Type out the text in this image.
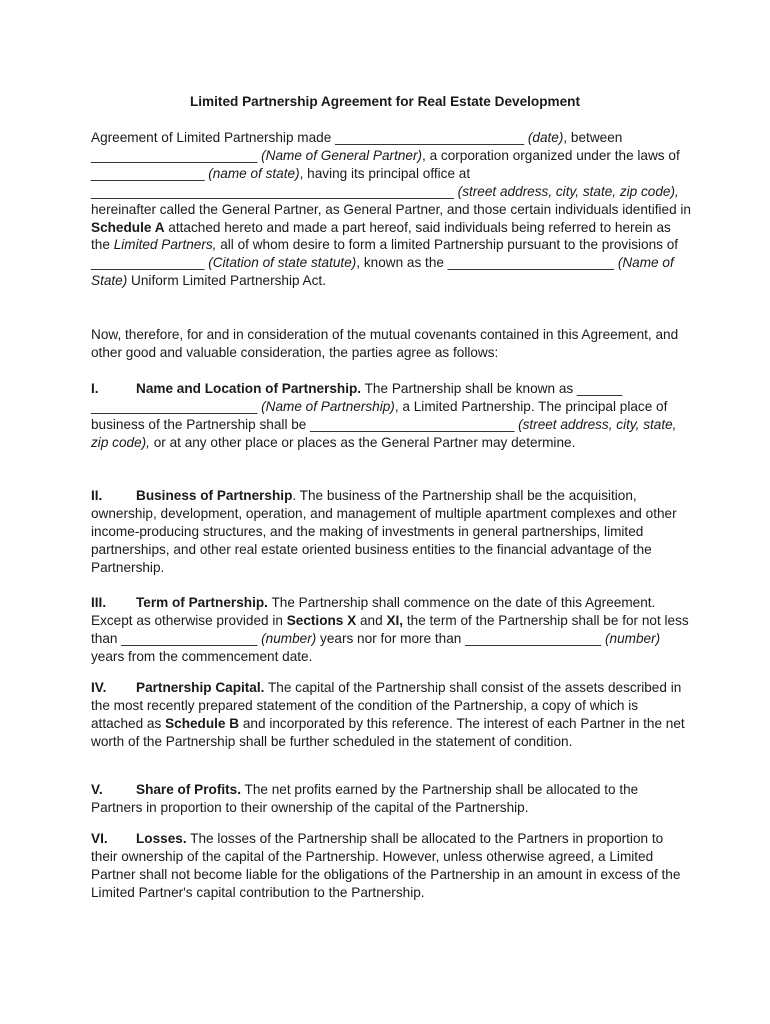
Limited Partnership Agreement for Real Estate Development

Agreement of Limited Partnership made _________________________ (date), between ______________________ (Name of General Partner), a corporation organized under the laws of _______________ (name of state), having its principal office at ________________________________________________ (street address, city, state, zip code), hereinafter called the General Partner, as General Partner, and those certain individuals identified in Schedule A attached hereto and made a part hereof, said individuals being referred to herein as the Limited Partners, all of whom desire to form a limited Partnership pursuant to the provisions of _______________ (Citation of state statute), known as the ______________________ (Name of State) Uniform Limited Partnership Act.

Now, therefore, for and in consideration of the mutual covenants contained in this Agreement, and other good and valuable consideration, the parties agree as follows:

I.	Name and Location of Partnership. The Partnership shall be known as ______ ______________________ (Name of Partnership), a Limited Partnership. The principal place of business of the Partnership shall be ___________________________ (street address, city, state, zip code), or at any other place or places as the General Partner may determine.

II. Business of Partnership. The business of the Partnership shall be the acquisition, ownership, development, operation, and management of multiple apartment complexes and other income-producing structures, and the making of investments in general partnerships, limited partnerships, and other real estate oriented business entities to the financial advantage of the Partnership.

III. Term of Partnership. The Partnership shall commence on the date of this Agreement. Except as otherwise provided in Sections X and XI, the term of the Partnership shall be for not less than __________________ (number) years nor for more than __________________ (number) years from the commencement date.

IV. Partnership Capital. The capital of the Partnership shall consist of the assets described in the most recently prepared statement of the condition of the Partnership, a copy of which is attached as Schedule B and incorporated by this reference. The interest of each Partner in the net worth of the Partnership shall be further scheduled in the statement of condition.

V. Share of Profits. The net profits earned by the Partnership shall be allocated to the Partners in proportion to their ownership of the capital of the Partnership.

VI. Losses. The losses of the Partnership shall be allocated to the Partners in proportion to their ownership of the capital of the Partnership. However, unless otherwise agreed, a Limited Partner shall not become liable for the obligations of the Partnership in an amount in excess of the Limited Partner's capital contribution to the Partnership.
